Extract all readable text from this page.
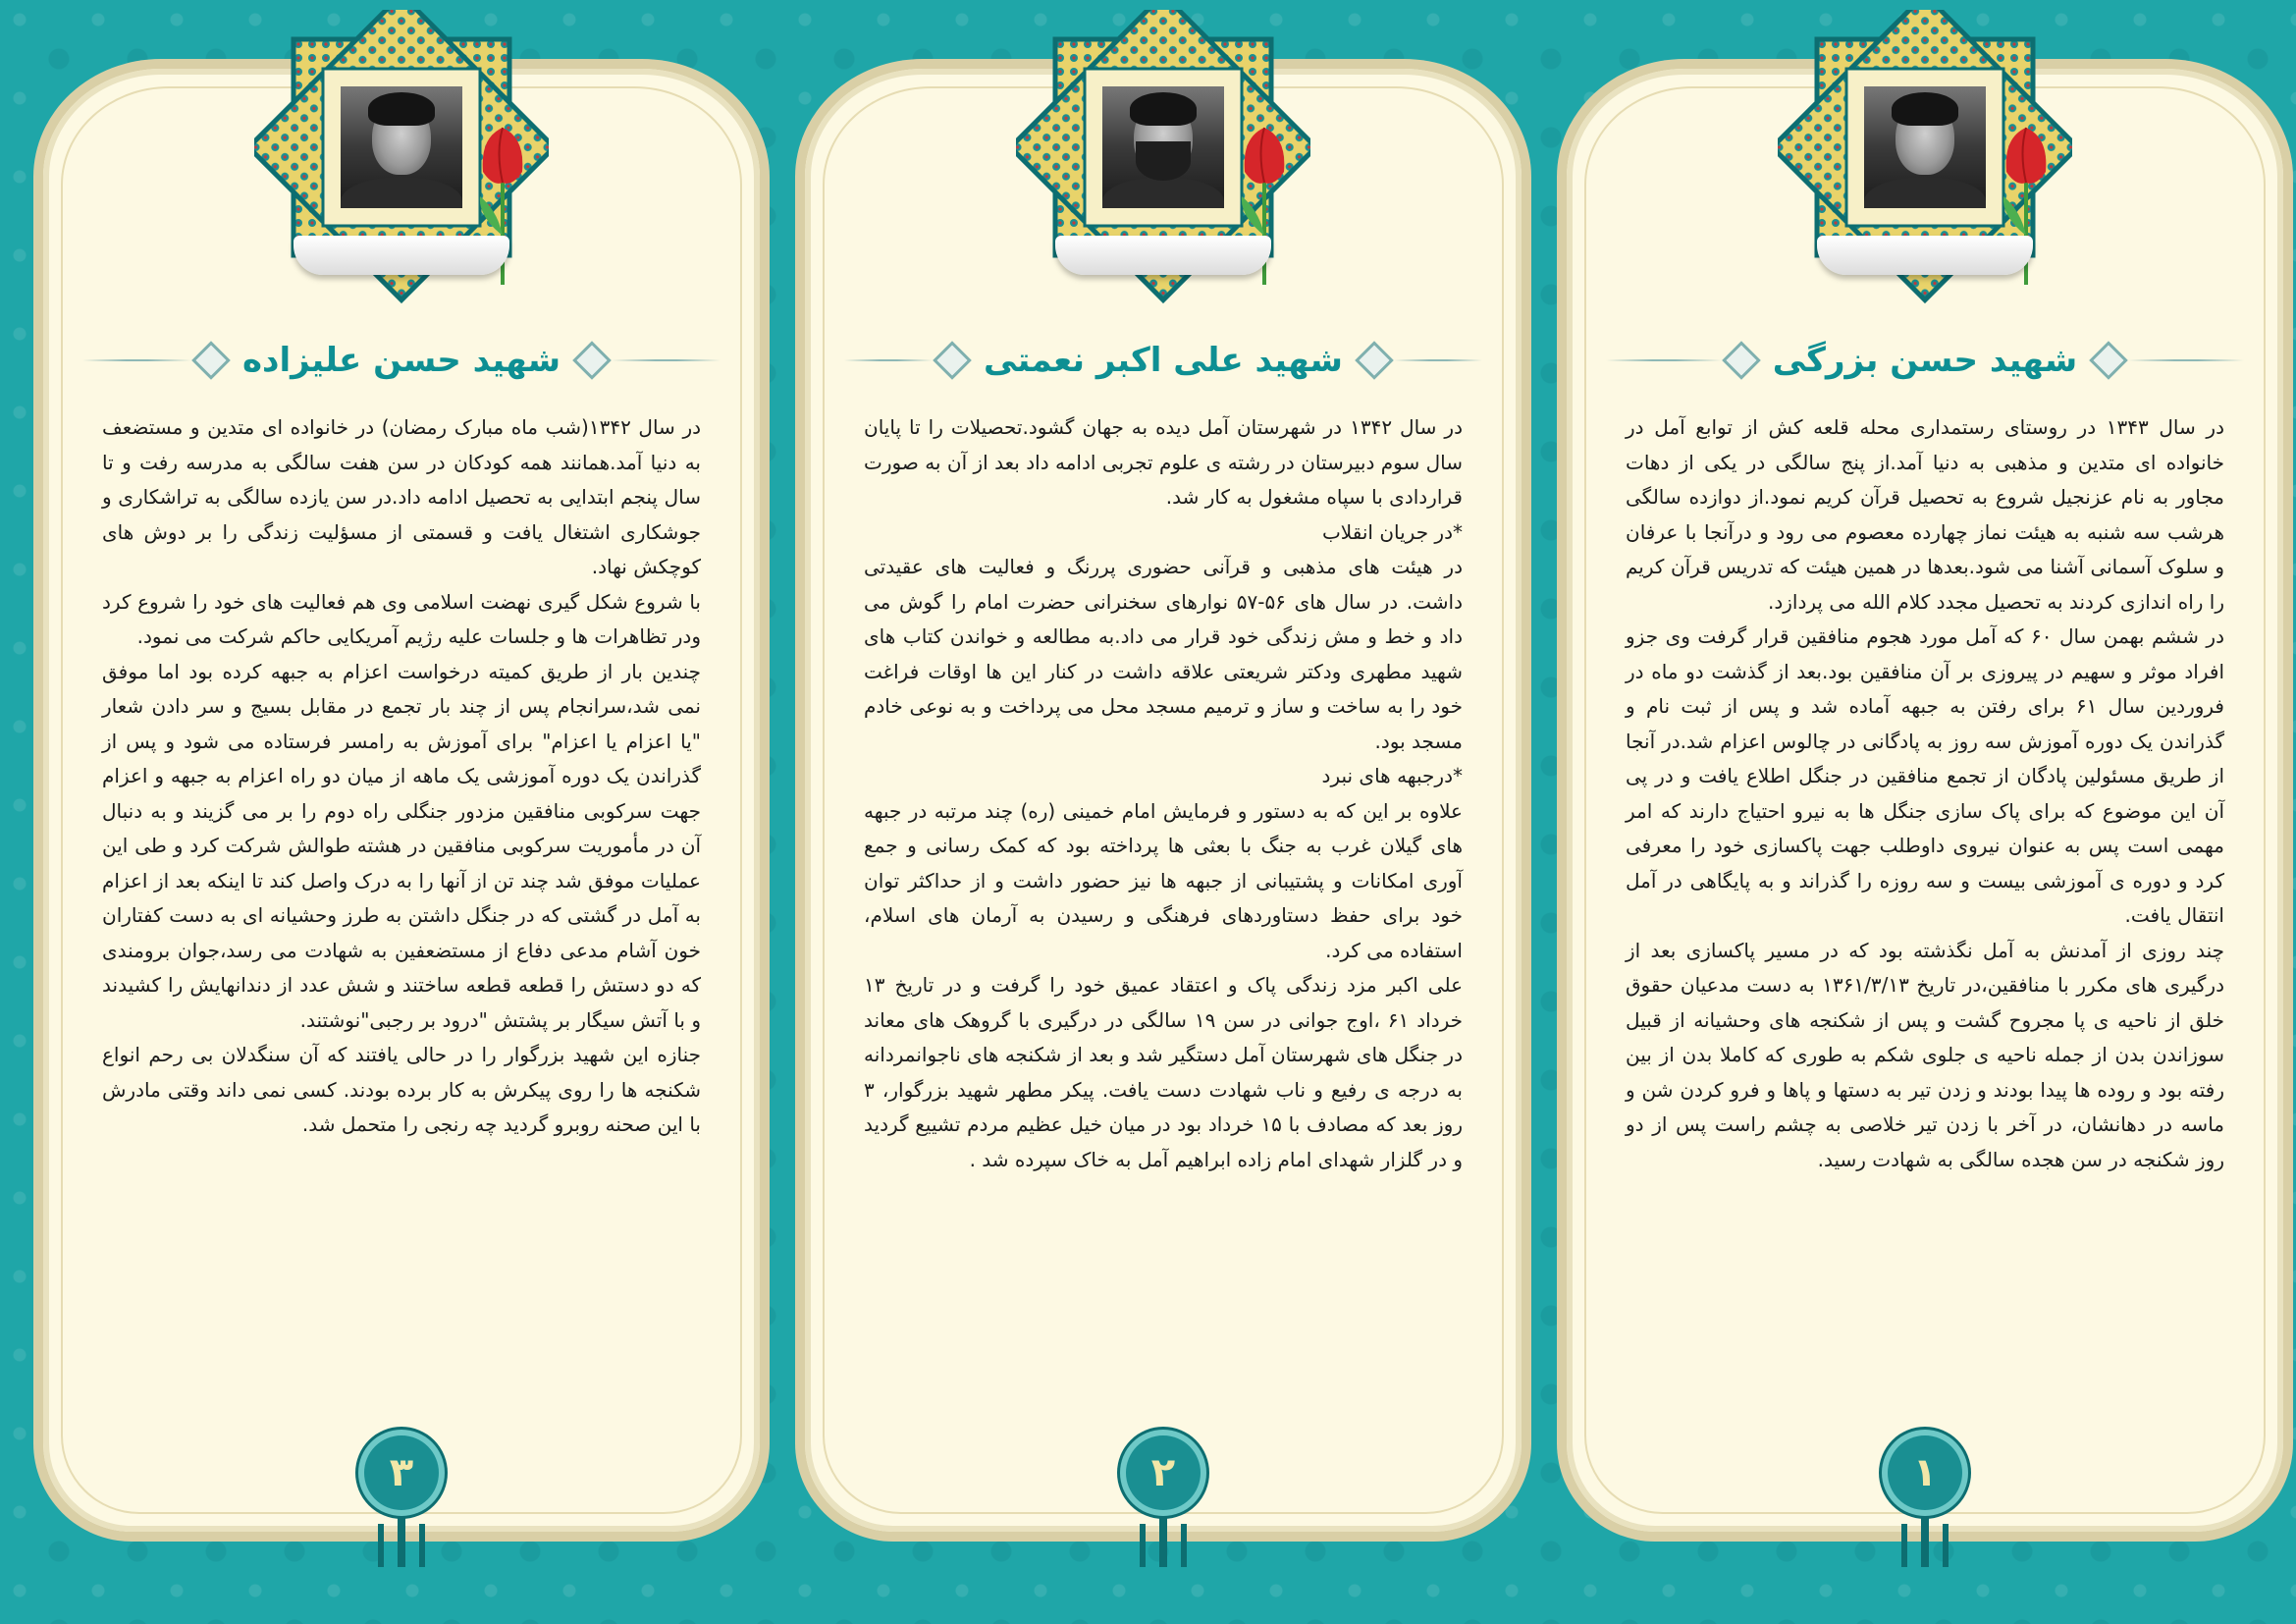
شهید حسن علیزاده

در سال ۱۳۴۲(شب ماه مبارک رمضان) در خانواده ای متدین و مستضعف به دنیا آمد.همانند همه کودکان در سن هفت سالگی به مدرسه رفت و تا سال پنجم ابتدایی به تحصیل ادامه داد.در سن یازده سالگی به تراشکاری و جوشکاری اشتغال یافت و قسمتی از مسؤلیت زندگی را بر دوش های کوچکش نهاد.

با شروع شکل گیری نهضت اسلامی وی هم فعالیت های خود را شروع کرد ودر تظاهرات ها و جلسات علیه رژیم آمریکایی حاکم شرکت می نمود.

چندین بار از طریق کمیته درخواست اعزام به جبهه کرده بود اما موفق نمی شد،سرانجام پس از چند بار تجمع در مقابل بسیج و سر دادن شعار "یا اعزام یا اعزام" برای آموزش به رامسر فرستاده می شود و پس از گذراندن یک دوره آموزشی یک ماهه از میان دو راه اعزام به جبهه و اعزام جهت سرکوبی منافقین مزدور جنگلی راه دوم را بر می گزیند و به دنبال آن در مأموریت سرکوبی منافقین در هشته طوالش شرکت کرد و طی این عملیات موفق شد چند تن از آنها را به درک واصل کند تا اینکه بعد از اعزام به آمل در گشتی که در جنگل داشتن به طرز وحشیانه ای به دست کفتاران خون آشام مدعی دفاع از مستضعفین به شهادت می رسد،جوان برومندی که دو دستش را قطعه قطعه ساختند و شش عدد از دندانهایش را کشیدند و با آتش سیگار بر پشتش "درود بر رجبی"نوشتند.

جنازه این شهید بزرگوار را در حالی یافتند که آن سنگدلان بی رحم انواع شکنجه ها را روی پیکرش به کار برده بودند. کسی نمی داند وقتی مادرش با این صحنه روبرو گردید چه رنجی را متحمل شد.

۳
شهید علی اکبر نعمتی

در سال ۱۳۴۲ در شهرستان آمل دیده به جهان گشود.تحصیلات را تا پایان سال سوم دبیرستان در رشته ی علوم تجربی ادامه داد بعد از آن به صورت قراردادی با سپاه مشغول به کار شد.

*در جریان انقلاب

در هیئت های مذهبی و قرآنی حضوری پررنگ و فعالیت های عقیدتی داشت. در سال های ۵۶-۵۷ نوارهای سخنرانی حضرت امام را گوش می داد و خط و مش زندگی خود قرار می داد.به مطالعه و خواندن کتاب های شهید مطهری ودکتر شریعتی علاقه داشت در کنار این ها اوقات فراغت خود را به ساخت و ساز و ترمیم مسجد محل می پرداخت و به نوعی خادم مسجد بود.

*درجبهه های نبرد

علاوه بر این که به دستور و فرمایش امام خمینی (ره) چند مرتبه در جبهه های گیلان غرب به جنگ با بعثی ها پرداخته بود که کمک رسانی و جمع آوری امکانات و پشتیبانی از جبهه ها نیز حضور داشت و از حداکثر توان خود برای حفظ دستاوردهای فرهنگی و رسیدن به آرمان های اسلام، استفاده می کرد.

علی اکبر مزد زندگی پاک و اعتقاد عمیق خود را گرفت و در تاریخ ۱۳ خرداد ۶۱ ،اوج جوانی در سن ۱۹ سالگی در درگیری با گروهک های معاند در جنگل های شهرستان آمل دستگیر شد و بعد از شکنجه های ناجوانمردانه به درجه ی رفیع و ناب شهادت دست یافت. پیکر مطهر شهید بزرگوار، ۳ روز بعد که مصادف با ۱۵ خرداد بود در میان خیل عظیم مردم تشییع گردید و در گلزار شهدای امام زاده ابراهیم آمل به خاک سپرده شد .

۲
شهید حسن بزرگی

در سال ۱۳۴۳ در روستای رستمداری محله قلعه کش از توابع آمل در خانواده ای متدین و مذهبی به دنیا آمد.از پنج سالگی در یکی از دهات مجاور به نام عزنجیل شروع به تحصیل قرآن کریم نمود.از دوازده سالگی هرشب سه شنبه به هیئت نماز چهارده معصوم می رود و درآنجا با عرفان و سلوک آسمانی آشنا می شود.بعدها در همین هیئت که تدریس قرآن کریم را راه اندازی کردند به تحصیل مجدد کلام الله می پردازد.

در ششم بهمن سال ۶۰ که آمل مورد هجوم منافقین قرار گرفت وی جزو افراد موثر و سهیم در پیروزی بر آن منافقین بود.بعد از گذشت دو ماه در فروردین سال ۶۱ برای رفتن به جبهه آماده شد و پس از ثبت نام و گذراندن یک دوره آموزش سه روز به پادگانی در چالوس اعزام شد.در آنجا از طریق مسئولین پادگان از تجمع منافقین در جنگل اطلاع یافت و در پی آن این موضوع که برای پاک سازی جنگل ها به نیرو احتیاج دارند که امر مهمی است پس به عنوان نیروی داوطلب جهت پاکسازی خود را معرفی کرد و دوره ی آموزشی بیست و سه روزه را گذراند و به پایگاهی در آمل انتقال یافت.

چند روزی از آمدنش به آمل نگذشته بود که در مسیر پاکسازی بعد از درگیری های مکرر با منافقین،در تاریخ ۱۳۶۱/۳/۱۳ به دست مدعیان حقوق خلق از ناحیه ی پا مجروح گشت و پس از شکنجه های وحشیانه از قبیل سوزاندن بدن از جمله ناحیه ی جلوی شکم به طوری که کاملا بدن از بین رفته بود و روده ها پیدا بودند و زدن تیر به دستها و پاها و فرو کردن شن و ماسه در دهانشان، در آخر با زدن تیر خلاصی به چشم راست پس از دو روز شکنجه در سن هجده سالگی به شهادت رسید.

۱
